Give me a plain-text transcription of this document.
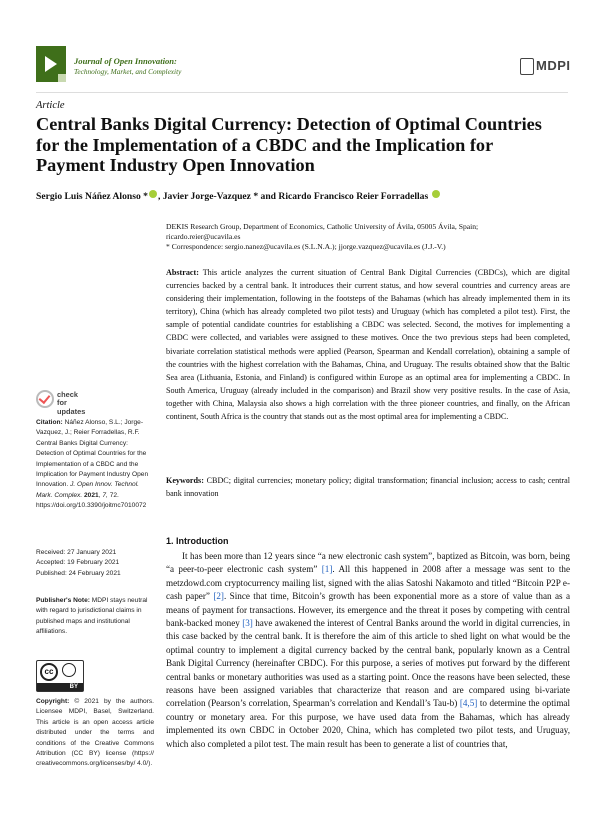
Journal of Open Innovation:
Technology, Market, and Complexity	MDPI
Article
Central Banks Digital Currency: Detection of Optimal Countries for the Implementation of a CBDC and the Implication for Payment Industry Open Innovation
Sergio Luis Náñez Alonso * , Javier Jorge-Vazquez * and Ricardo Francisco Reier Forradellas
DEKIS Research Group, Department of Economics, Catholic University of Ávila, 05005 Ávila, Spain;
ricardo.reier@ucavila.es
* Correspondence: sergio.nanez@ucavila.es (S.L.N.A.); jjorge.vazquez@ucavila.es (J.J.-V.)
Abstract: This article analyzes the current situation of Central Bank Digital Currencies (CBDCs), which are digital currencies backed by a central bank. It introduces their current status, and how several countries and currency areas are considering their implementation, following in the footsteps of the Bahamas (which has already implemented them in its territory), China (which has already completed two pilot tests) and Uruguay (which has completed a pilot test). First, the sample of potential candidate countries for establishing a CBDC was selected. Second, the motives for implementing a CBDC were collected, and variables were assigned to these motives. Once the two previous steps had been completed, bivariate correlation statistical methods were applied (Pearson, Spearman and Kendall correlation), obtaining a sample of the countries with the highest correlation with the Bahamas, China, and Uruguay. The results obtained show that the Baltic Sea area (Lithuania, Estonia, and Finland) is configured within Europe as an optimal area for implementing a CBDC. In South America, Uruguay (already included in the comparison) and Brazil show very positive results. In the case of Asia, together with China, Malaysia also shows a high correlation with the three pioneer countries, and finally, on the African continent, South Africa is the country that stands out as the most optimal area for implementing a CBDC.
Keywords: CBDC; digital currencies; monetary policy; digital transformation; financial inclusion; access to cash; central bank innovation
check for
updates
Citation: Náñez Alonso, S.L.; Jorge-Vazquez, J.; Reier Forradellas, R.F. Central Banks Digital Currency: Detection of Optimal Countries for the Implementation of a CBDC and the Implication for Payment Industry Open Innovation. J. Open Innov. Technol. Mark. Complex. 2021, 7, 72. https://doi.org/10.3390/joitmc7010072
Received: 27 January 2021
Accepted: 19 February 2021
Published: 24 February 2021
Publisher's Note: MDPI stays neutral with regard to jurisdictional claims in published maps and institutional affiliations.
cc
BY
Copyright: © 2021 by the authors. Licensee MDPI, Basel, Switzerland. This article is an open access article distributed under the terms and conditions of the Creative Commons Attribution (CC BY) license (https:// creativecommons.org/licenses/by/ 4.0/).
1. Introduction
It has been more than 12 years since “a new electronic cash system”, baptized as Bitcoin, was born, being “a peer-to-peer electronic cash system” [1]. All this happened in 2008 after a message was sent to the metzdowd.com cryptocurrency mailing list, signed with the alias Satoshi Nakamoto and titled “Bitcoin P2P e-cash paper” [2]. Since that time, Bitcoin’s growth has been exponential more as a store of value than as a means of payment for transactions. However, its emergence and the threat it poses by competing with central bank-backed money [3] have awakened the interest of Central Banks around the world in digital currencies, in this case backed by the central bank. It is therefore the aim of this article to shed light on what would be the optimal country to implement a digital currency backed by the central bank, popularly known as a Central Bank Digital Currency (hereinafter CBDC). For this purpose, a series of motives put forward by the different central banks or monetary authorities was used as a starting point. Once the reasons have been selected, these reasons have been assigned variables that characterize that reason and are compared using bi-variate correlation (Pearson’s correlation, Spearman’s correlation and Kendall’s Tau-b) [4,5] to determine the optimal country or monetary area. For this purpose, we have used data from the Bahamas, which has already implemented its own CBDC in October 2020, China, which has completed two pilot tests, and Uruguay, which also completed a pilot test. The main result has been to generate a list of countries that,
